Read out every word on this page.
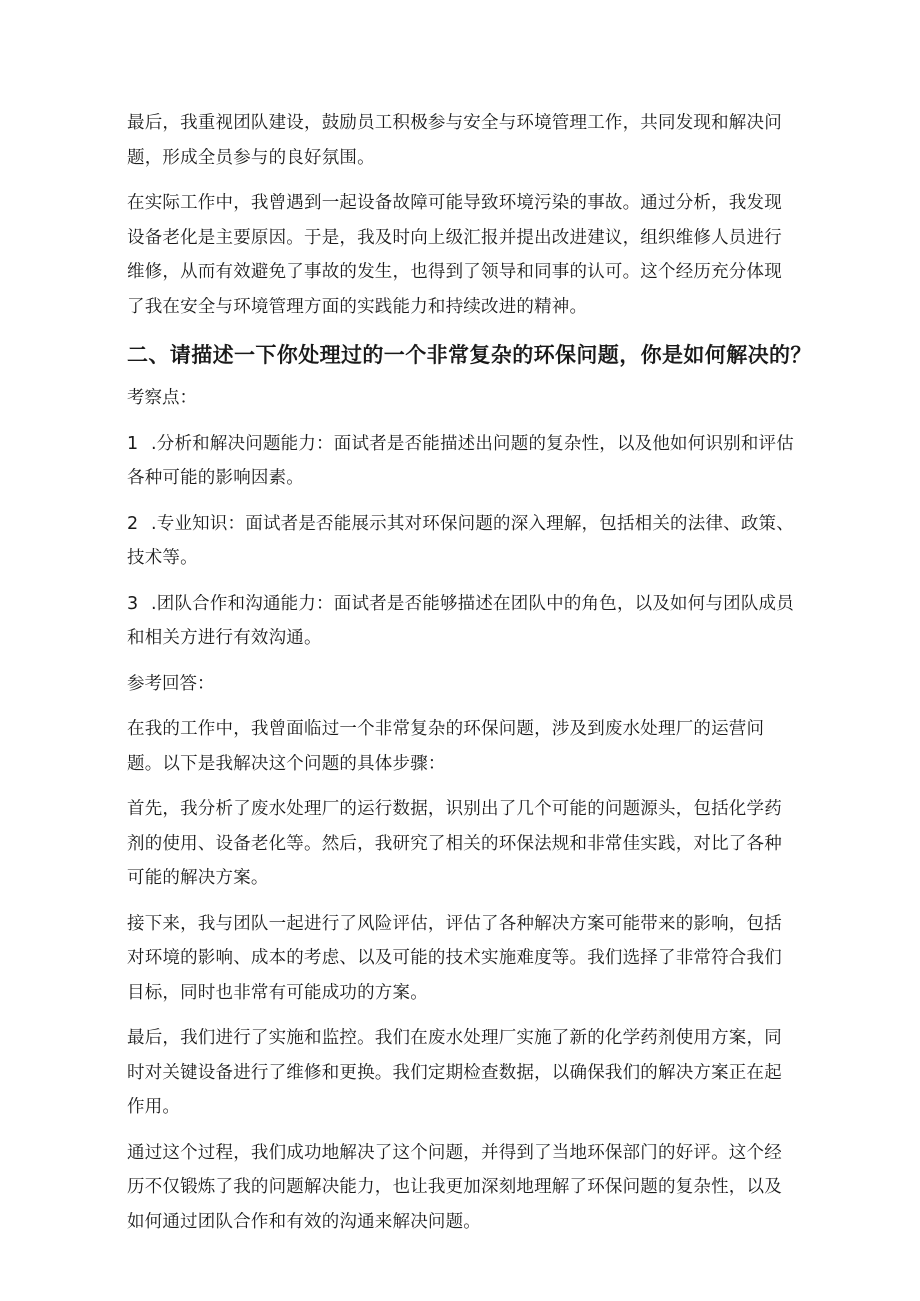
最后，我重视团队建设，鼓励员工积极参与安全与环境管理工作，共同发现和解决问题，形成全员参与的良好氛围。

在实际工作中，我曾遇到一起设备故障可能导致环境污染的事故。通过分析，我发现设备老化是主要原因。于是，我及时向上级汇报并提出改进建议，组织维修人员进行维修，从而有效避免了事故的发生，也得到了领导和同事的认可。这个经历充分体现了我在安全与环境管理方面的实践能力和持续改进的精神。

二、请描述一下你处理过的一个非常复杂的环保问题，你是如何解决的？

考察点：

1 .分析和解决问题能力：面试者是否能描述出问题的复杂性，以及他如何识别和评估各种可能的影响因素。

2 .专业知识：面试者是否能展示其对环保问题的深入理解，包括相关的法律、政策、技术等。

3 .团队合作和沟通能力：面试者是否能够描述在团队中的角色，以及如何与团队成员和相关方进行有效沟通。

参考回答：

在我的工作中，我曾面临过一个非常复杂的环保问题，涉及到废水处理厂的运营问题。以下是我解决这个问题的具体步骤：

首先，我分析了废水处理厂的运行数据，识别出了几个可能的问题源头，包括化学药剂的使用、设备老化等。然后，我研究了相关的环保法规和非常佳实践，对比了各种可能的解决方案。

接下来，我与团队一起进行了风险评估，评估了各种解决方案可能带来的影响，包括对环境的影响、成本的考虑、以及可能的技术实施难度等。我们选择了非常符合我们目标，同时也非常有可能成功的方案。

最后，我们进行了实施和监控。我们在废水处理厂实施了新的化学药剂使用方案，同时对关键设备进行了维修和更换。我们定期检查数据，以确保我们的解决方案正在起作用。

通过这个过程，我们成功地解决了这个问题，并得到了当地环保部门的好评。这个经历不仅锻炼了我的问题解决能力，也让我更加深刻地理解了环保问题的复杂性，以及如何通过团队合作和有效的沟通来解决问题。
